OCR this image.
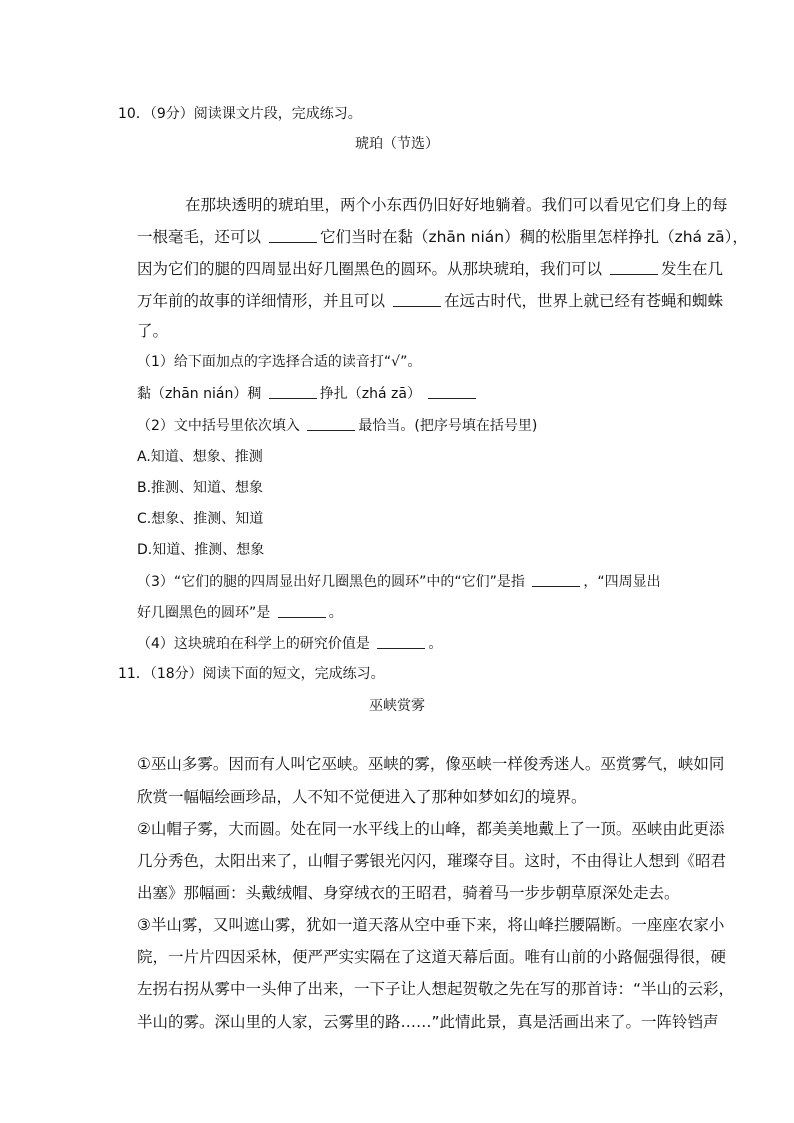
10．（9分）阅读课文片段，完成练习。
琥珀（节选）
在那块透明的琥珀里，两个小东西仍旧好好地躺着。我们可以看见它们身上的每
一根毫毛，还可以	它们当时在黏（zhān nián）稠的松脂里怎样挣扎（zhá zā），
因为它们的腿的四周显出好几圈黑色的圆环。从那块琥珀，我们可以	发生在几
万年前的故事的详细情形，并且可以	在远古时代，世界上就已经有苍蝇和蜘蛛
了。
（1）给下面加点的字选择合适的读音打“√”。
黏（zhān nián）稠	挣扎（zhá zā）
（2）文中括号里依次填入	最恰当。(把序号填在括号里)
A.知道、想象、推测
B.推测、知道、想象
C.想象、推测、知道
D.知道、推测、想象
（3）“它们的腿的四周显出好几圈黑色的圆环”中的“它们”是指	，“四周显出
好几圈黑色的圆环”是	。
（4）这块琥珀在科学上的研究价值是	。
11．（18分）阅读下面的短文，完成练习。
巫峡赏雾
①巫山多雾。因而有人叫它巫峡。巫峡的雾，像巫峡一样俊秀迷人。巫赏雾气，峡如同
欣赏一幅幅绘画珍品，人不知不觉便进入了那种如梦如幻的境界。
②山帽子雾，大而圆。处在同一水平线上的山峰，都美美地戴上了一顶。巫峡由此更添
几分秀色，太阳出来了，山帽子雾银光闪闪，璀璨夺目。这时，不由得让人想到《昭君
出塞》那幅画：头戴绒帽、身穿绒衣的王昭君，骑着马一步步朝草原深处走去。
③半山雾，又叫遮山雾，犹如一道天落从空中垂下来，将山峰拦腰隔断。一座座农家小
院，一片片四因采林，便严严实实隔在了这道天幕后面。唯有山前的小路倔强得很，硬
左拐右拐从雾中一头伸了出来，一下子让人想起贺敬之先在写的那首诗：“半山的云彩，
半山的雾。深山里的人家，云雾里的路……”此情此景，真是活画出来了。一阵铃铛声
